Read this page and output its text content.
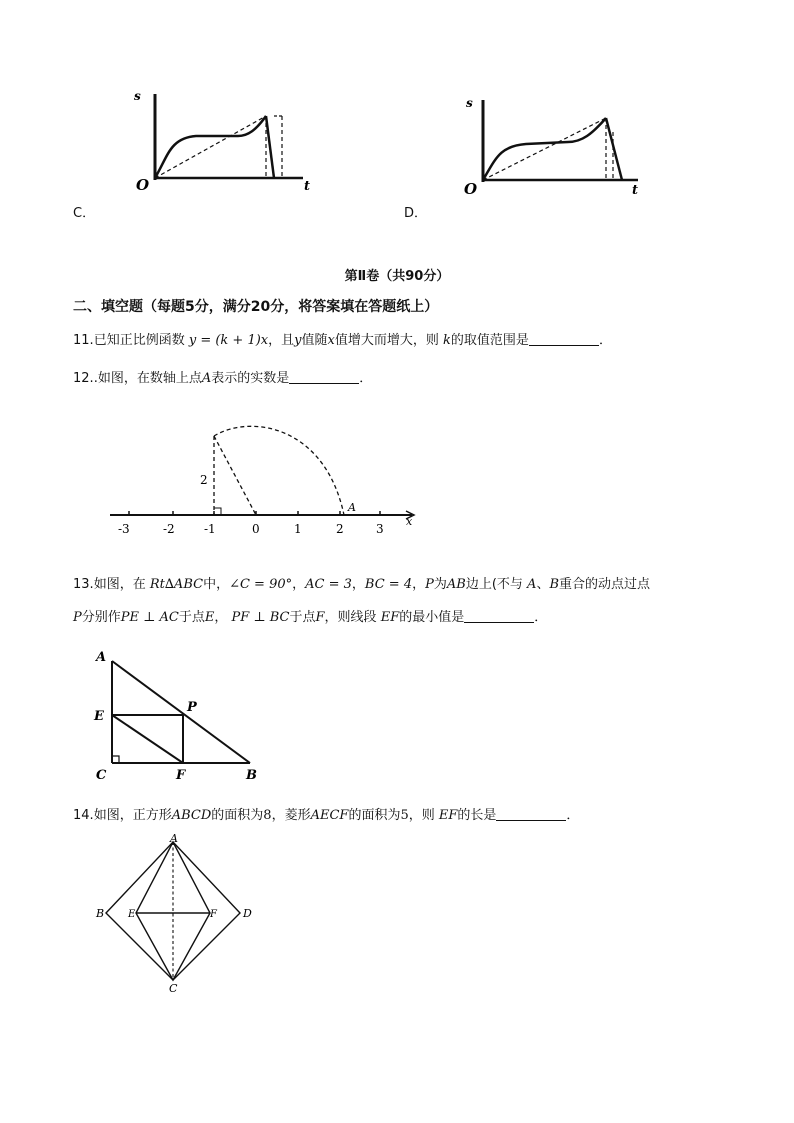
C．
s
t
O
D．
s
t
O
第Ⅱ卷（共90分）
二、填空题（每题5分，满分20分，将答案填在答题纸上）
11.已知正比例函数 y = (k + 1)x，且y值随x值增大而增大，则 k的取值范围是	．
12..如图，在数轴上点A表示的实数是	．
-3	-2 -1	0	1	2	3
x
2
A
13.如图，在 Rt∆ABC中，∠C = 90°，AC = 3，BC = 4，P为AB边上(不与 A、B重合的动点过点
P分别作PE ⊥ AC于点E， PF ⊥ BC于点F，则线段 EF的最小值是	．
A
E
P
C	F	B
14.如图，正方形ABCD的面积为8，菱形AECF的面积为5，则 EF的长是	．
A
B E	F D
C
